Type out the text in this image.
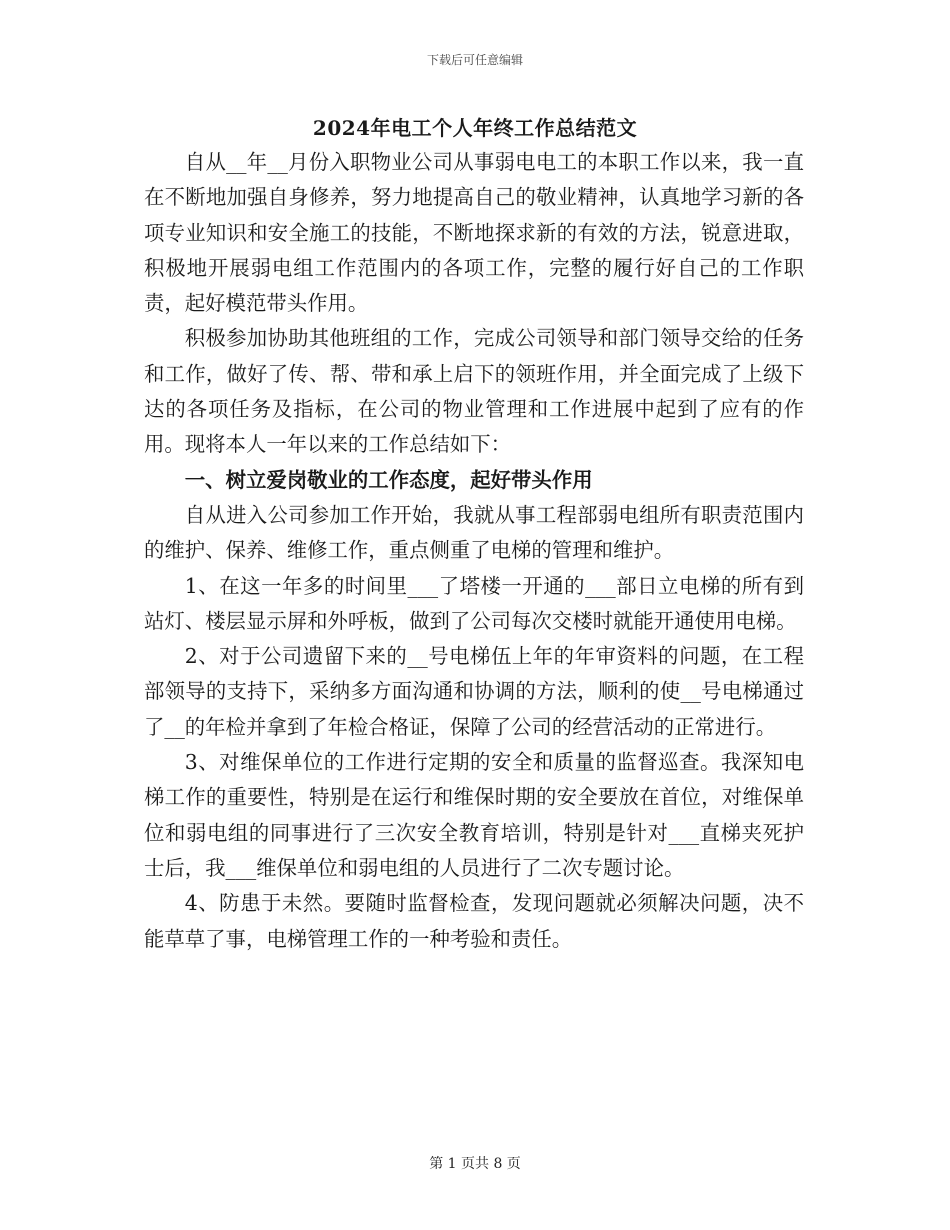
下载后可任意编辑
2024年电工个人年终工作总结范文

自从__年__月份入职物业公司从事弱电电工的本职工作以来，我一直在不断地加强自身修养，努力地提高自己的敬业精神，认真地学习新的各项专业知识和安全施工的技能，不断地探求新的有效的方法，锐意进取，积极地开展弱电组工作范围内的各项工作，完整的履行好自己的工作职责，起好模范带头作用。

积极参加协助其他班组的工作，完成公司领导和部门领导交给的任务和工作，做好了传、帮、带和承上启下的领班作用，并全面完成了上级下达的各项任务及指标，在公司的物业管理和工作进展中起到了应有的作用。现将本人一年以来的工作总结如下：

一、树立爱岗敬业的工作态度，起好带头作用

自从进入公司参加工作开始，我就从事工程部弱电组所有职责范围内的维护、保养、维修工作，重点侧重了电梯的管理和维护。

1、在这一年多的时间里___了塔楼一开通的___部日立电梯的所有到站灯、楼层显示屏和外呼板，做到了公司每次交楼时就能开通使用电梯。

2、对于公司遗留下来的__号电梯伍上年的年审资料的问题，在工程部领导的支持下，采纳多方面沟通和协调的方法，顺利的使__号电梯通过了__的年检并拿到了年检合格证，保障了公司的经营活动的正常进行。

3、对维保单位的工作进行定期的安全和质量的监督巡查。我深知电梯工作的重要性，特别是在运行和维保时期的安全要放在首位，对维保单位和弱电组的同事进行了三次安全教育培训，特别是针对___直梯夹死护士后，我___维保单位和弱电组的人员进行了二次专题讨论。

4、防患于未然。要随时监督检查，发现问题就必须解决问题，决不能草草了事，电梯管理工作的一种考验和责任。

第 1 页共 8 页
